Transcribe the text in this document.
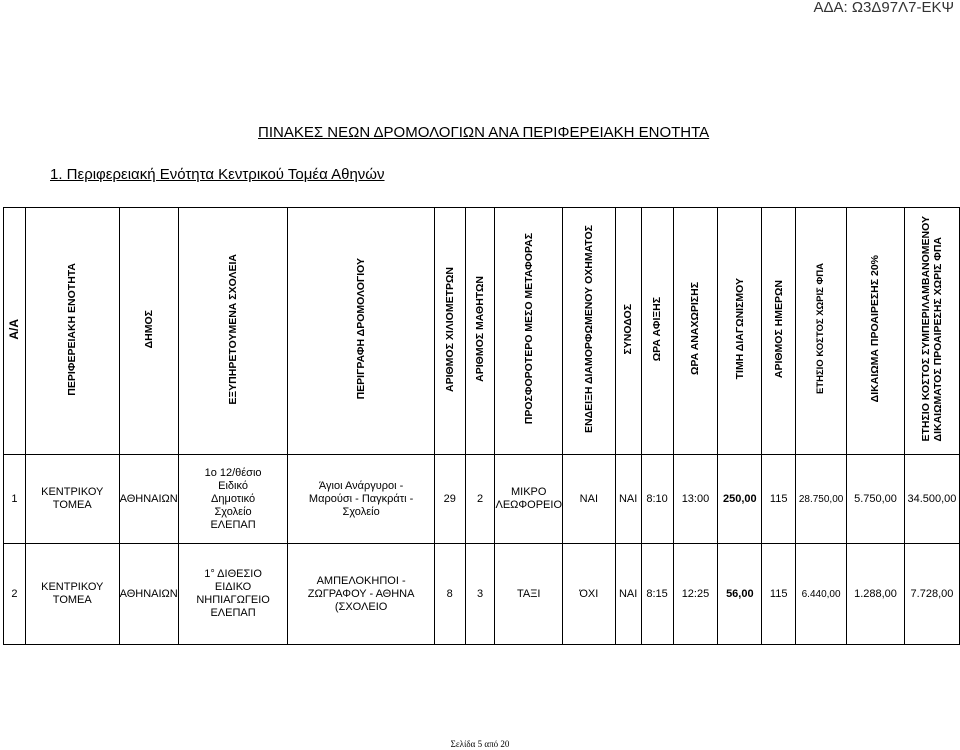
ΑΔΑ: Ω3Δ97Λ7-ΕΚΨ
ΠΙΝΑΚΕΣ ΝΕΩΝ ΔΡΟΜΟΛΟΓΙΩΝ ΑΝΑ ΠΕΡΙΦΕΡΕΙΑΚΗ ΕΝΟΤΗΤΑ
1. Περιφερειακή Ενότητα Κεντρικού Τομέα Αθηνών
Α/Α	ΠΕΡΙΦΕΡΕΙΑΚΗ ΕΝΟΤΗΤΑ	ΔΗΜΟΣ	ΕΞΥΠΗΡΕΤΟΥΜΕΝΑ ΣΧΟΛΕΙΑ	ΠΕΡΙΓΡΑΦΗ ΔΡΟΜΟΛΟΓΙΟΥ	ΑΡΙΘΜΟΣ ΧΙΛΙΟΜΕΤΡΩΝ	ΑΡΙΘΜΟΣ ΜΑΘΗΤΩΝ	ΠΡΟΣΦΟΡΟΤΕΡΟ ΜΕΣΟ ΜΕΤΑΦΟΡΑΣ	ΕΝΔΕΙΞΗ ΔΙΑΜΟΡΦΩΜΕΝΟΥ ΟΧΗΜΑΤΟΣ	ΣΥΝΟΔΟΣ	ΩΡΑ ΑΦΙΞΗΣ	ΩΡΑ ΑΝΑΧΩΡΙΣΗΣ	ΤΙΜΗ ΔΙΑΓΩΝΙΣΜΟΥ	ΑΡΙΘΜΟΣ ΗΜΕΡΩΝ	ΕΤΗΣΙΟ ΚΟΣΤΟΣ ΧΩΡΙΣ ΦΠΑ	ΔΙΚΑΙΩΜΑ ΠΡΟΑΙΡΕΣΗΣ 20%	ΕΤΗΣΙΟ ΚΟΣΤΟΣ ΣΥΜΠΕΡΙΛΑΜΒΑΝΟΜΕΝΟΥΔΙΚΑΙΩΜΑΤΟΣ ΠΡΟΑΙΡΕΣΗΣ ΧΩΡΙΣ ΦΠΑ
1	ΚΕΝΤΡΙΚΟΥ
ΤΟΜΕΑ	ΑΘΗΝΑΙΩΝ	1ο 12/θέσιο
Ειδικό
Δημοτικό
Σχολείο
ΕΛΕΠΑΠ	Άγιοι Ανάργυροι -
Μαρούσι - Παγκράτι -
Σχολείο	29	2	ΜΙΚΡΟ
ΛΕΩΦΟΡΕΙΟ	ΝΑΙ	ΝΑΙ	8:10	13:00	250,00	115	28.750,00	5.750,00	34.500,00
2	ΚΕΝΤΡΙΚΟΥ
ΤΟΜΕΑ	ΑΘΗΝΑΙΩΝ	1° ΔΙΘΕΣΙΟ
ΕΙΔΙΚΟ
ΝΗΠΙΑΓΩΓΕΙΟ
ΕΛΕΠΑΠ	ΑΜΠΕΛΟΚΗΠΟΙ -
ΖΩΓΡΑΦΟΥ - ΑΘΗΝΑ
(ΣΧΟΛΕΙΟ	8	3	ΤΑΞΙ	ΌΧΙ	ΝΑΙ	8:15	12:25	56,00	115	6.440,00	1.288,00	7.728,00
Σελίδα 5 από 20
